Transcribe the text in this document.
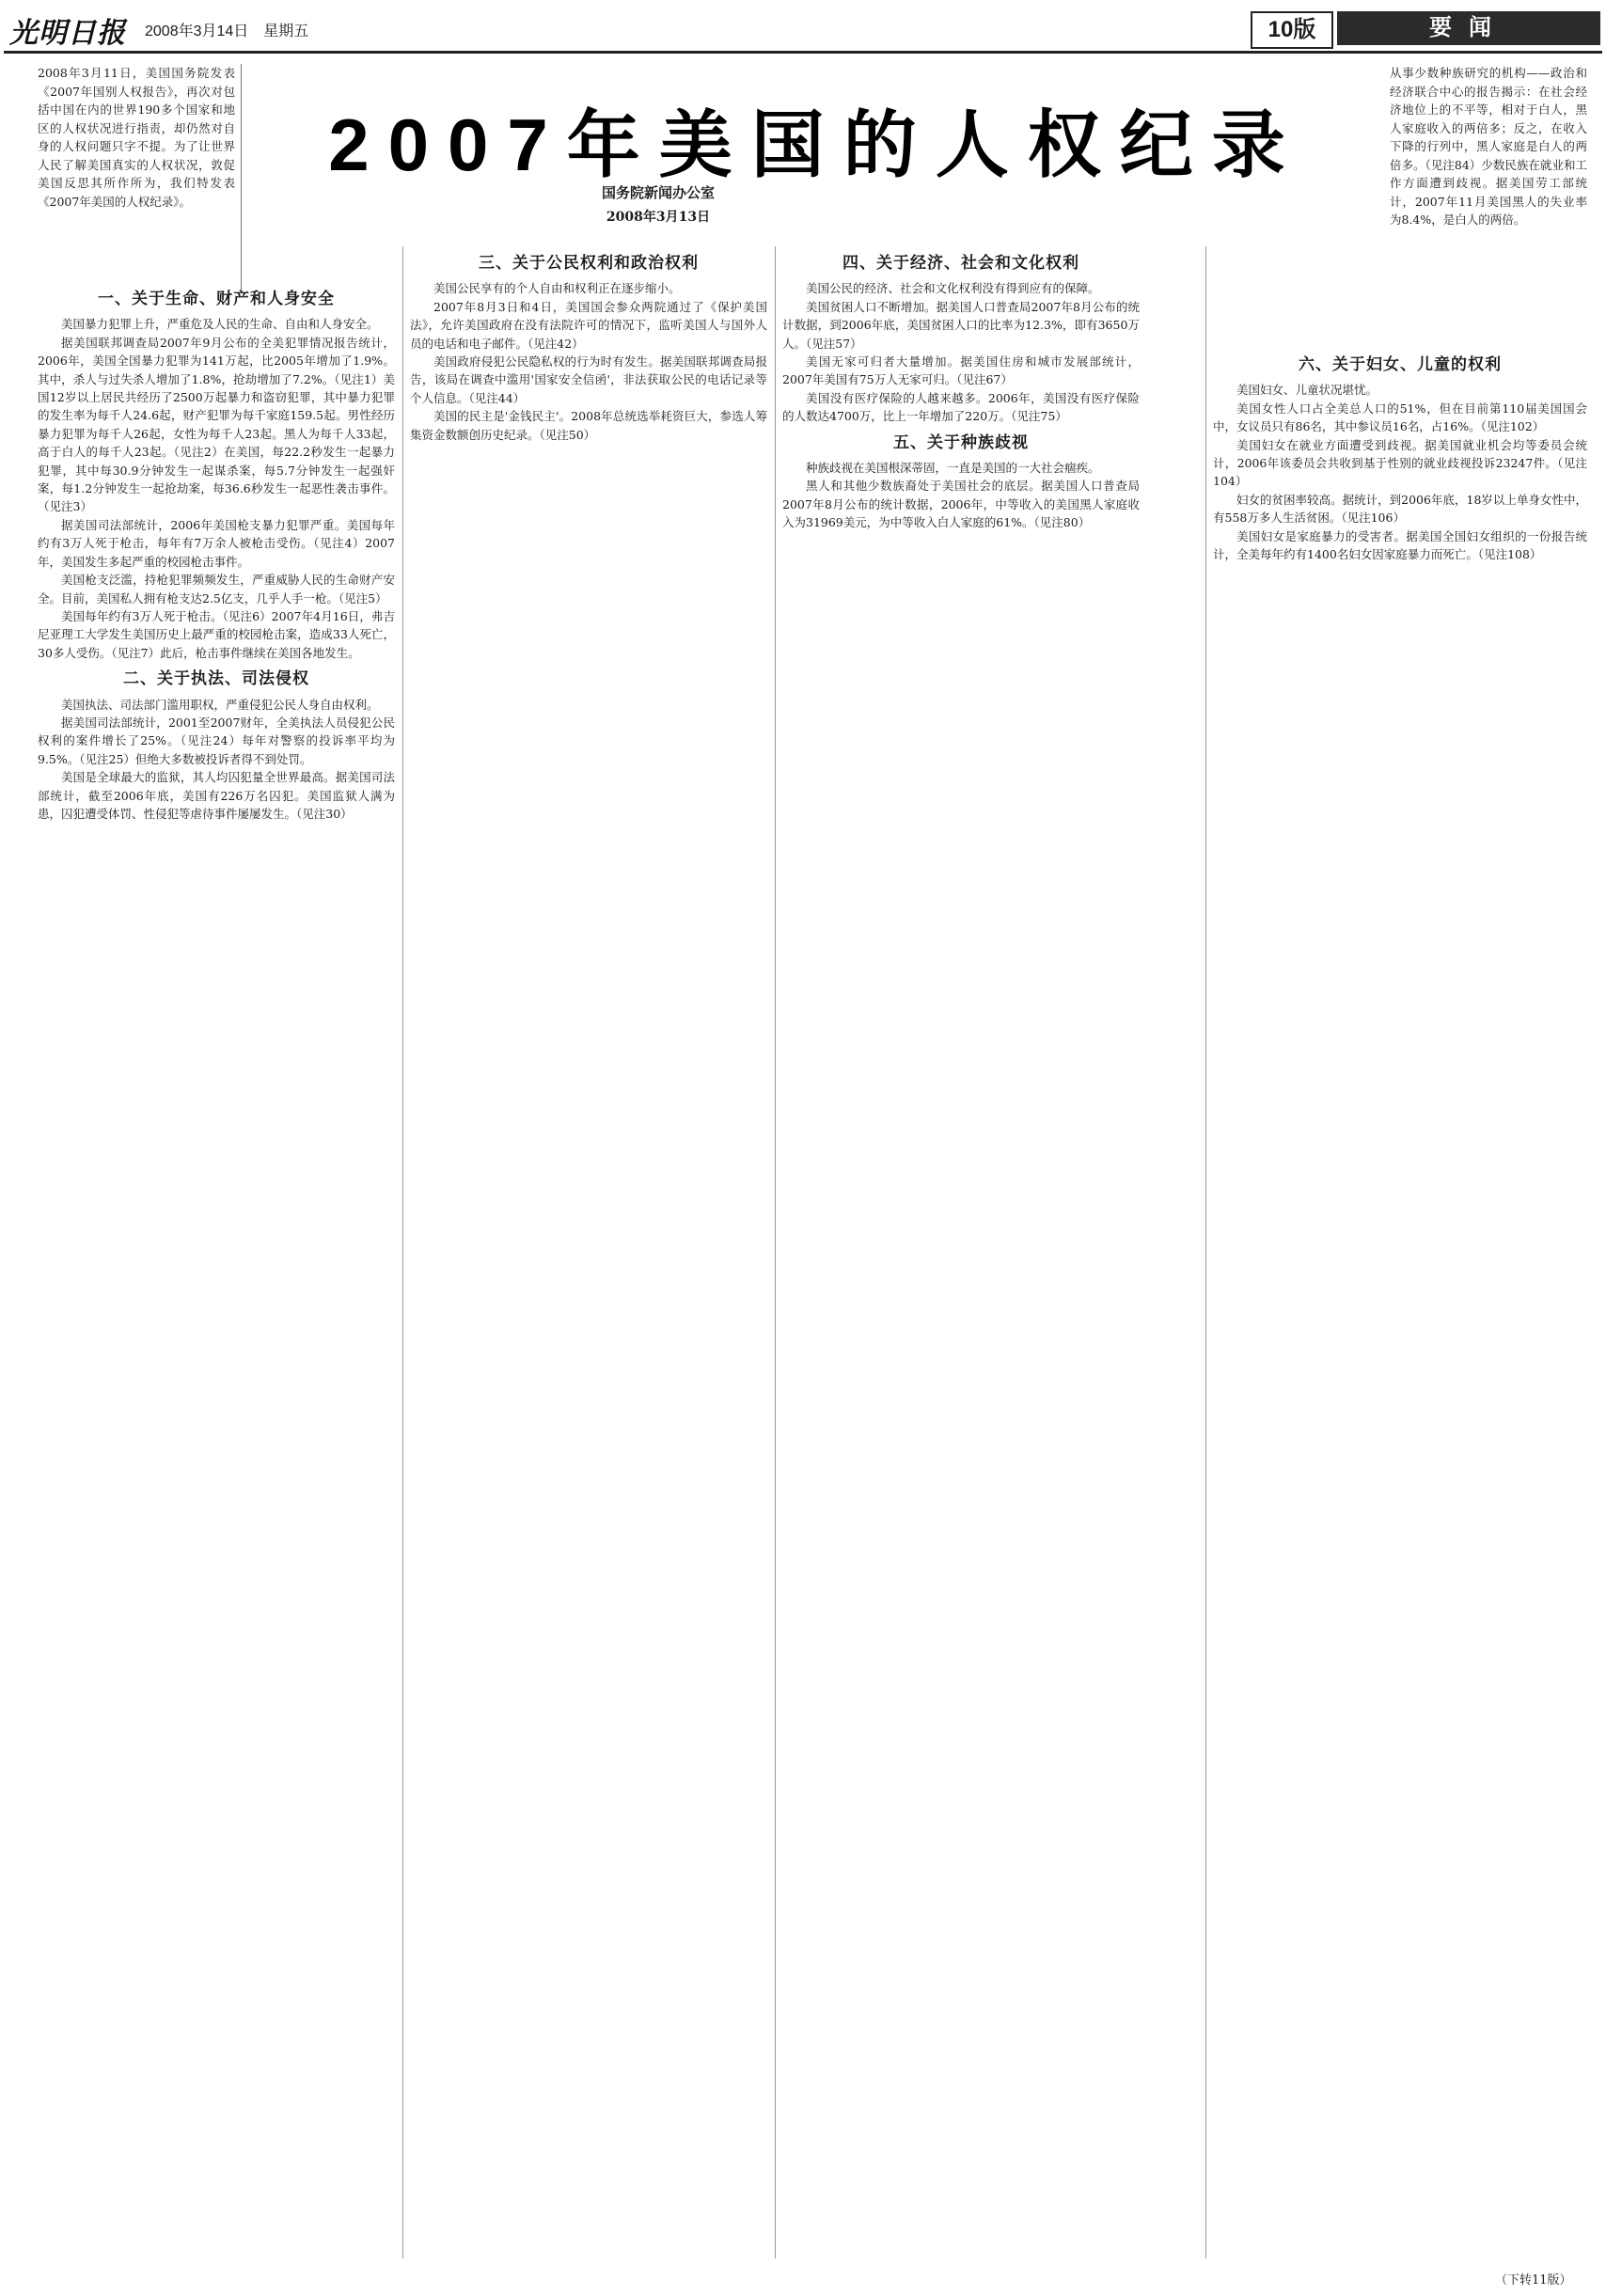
光明日报 2008年3月14日　星期五	10版	要闻
2008年3月11日，美国国务院发表《2007年国别人权报告》，再次对包括中国在内的世界190多个国家和地区的人权状况进行指责，却仍然对自身的人权问题只字不提。为了让世界人民了解美国真实的人权状况，敦促美国反思其所作所为，我们特发表《2007年美国的人权纪录》。
2007年美国的人权纪录
国务院新闻办公室
2008年3月13日
从事少数种族研究的机构——政治和经济联合中心的报告揭示：在社会经济地位上的不平等，相对于白人，黑人家庭收入的两倍多；反之，在收入下降的行列中，黑人家庭是白人的两倍多。（见注84）少数民族在就业和工作方面遭到歧视。据美国劳工部统计，2007年11月美国黑人的失业率为8.4%，是白人的两倍。
一、关于生命、财产和人身安全

美国暴力犯罪上升，严重危及人民的生命、自由和人身安全。

据美国联邦调查局2007年9月公布的全美犯罪情况报告统计，2006年，美国全国暴力犯罪为141万起，比2005年增加了1.9%。其中，杀人与过失杀人增加了1.8%，抢劫增加了7.2%。（见注1）美国12岁以上居民共经历了2500万起暴力和盗窃犯罪，其中暴力犯罪的发生率为每千人24.6起，财产犯罪为每千家庭159.5起。男性经历暴力犯罪为每千人26起，女性为每千人23起。黑人为每千人33起，高于白人的每千人23起。（见注2）在美国，每22.2秒发生一起暴力犯罪，其中每30.9分钟发生一起谋杀案，每5.7分钟发生一起强奸案，每1.2分钟发生一起抢劫案，每36.6秒发生一起恶性袭击事件。（见注3）

据美国司法部统计，2006年美国枪支暴力犯罪严重。美国每年约有3万人死于枪击，每年有7万余人被枪击受伤。（见注4）2007年，美国发生多起严重的校园枪击事件。

美国枪支泛滥，持枪犯罪频频发生，严重威胁人民的生命财产安全。目前，美国私人拥有枪支达2.5亿支，几乎人手一枪。（见注5）

美国每年约有3万人死于枪击。（见注6）2007年4月16日，弗吉尼亚理工大学发生美国历史上最严重的校园枪击案，造成33人死亡，30多人受伤。（见注7）此后，枪击事件继续在美国各地发生。

二、关于执法、司法侵权

美国执法、司法部门滥用职权，严重侵犯公民人身自由权利。

据美国司法部统计，2001至2007财年，全美执法人员侵犯公民权利的案件增长了25%。（见注24）每年对警察的投诉率平均为9.5%。（见注25）但绝大多数被投诉者得不到处罚。

美国是全球最大的监狱，其人均囚犯量全世界最高。据美国司法部统计，截至2006年底，美国有226万名囚犯。美国监狱人满为患，囚犯遭受体罚、性侵犯等虐待事件屡屡发生。（见注30）

三、关于公民权利和政治权利

美国公民享有的个人自由和权利正在逐步缩小。

2007年8月3日和4日，美国国会参众两院通过了《保护美国法》，允许美国政府在没有法院许可的情况下，监听美国人与国外人员的电话和电子邮件。（见注42）

美国政府侵犯公民隐私权的行为时有发生。据美国联邦调查局报告，该局在调查中滥用'国家安全信函'，非法获取公民的电话记录等个人信息。（见注44）

美国的民主是'金钱民主'。2008年总统选举耗资巨大，参选人筹集资金数额创历史纪录。（见注50）

四、关于经济、社会和文化权利

美国公民的经济、社会和文化权利没有得到应有的保障。

美国贫困人口不断增加。据美国人口普查局2007年8月公布的统计数据，到2006年底，美国贫困人口的比率为12.3%，即有3650万人。（见注57）

美国无家可归者大量增加。据美国住房和城市发展部统计，2007年美国有75万人无家可归。（见注67）

美国没有医疗保险的人越来越多。2006年，美国没有医疗保险的人数达4700万，比上一年增加了220万。（见注75）

五、关于种族歧视

种族歧视在美国根深蒂固，一直是美国的一大社会痼疾。

黑人和其他少数族裔处于美国社会的底层。据美国人口普查局2007年8月公布的统计数据，2006年，中等收入的美国黑人家庭收入为31969美元，为中等收入白人家庭的61%。（见注80）

六、关于妇女、儿童的权利

美国妇女、儿童状况堪忧。

美国女性人口占全美总人口的51%，但在目前第110届美国国会中，女议员只有86名，其中参议员16名，占16%。（见注102）

美国妇女在就业方面遭受到歧视。据美国就业机会均等委员会统计，2006年该委员会共收到基于性别的就业歧视投诉23247件。（见注104）

妇女的贫困率较高。据统计，到2006年底，18岁以上单身女性中，有558万多人生活贫困。（见注106）

美国妇女是家庭暴力的受害者。据美国全国妇女组织的一份报告统计，全美每年约有1400名妇女因家庭暴力而死亡。（见注108）

（下转11版）
